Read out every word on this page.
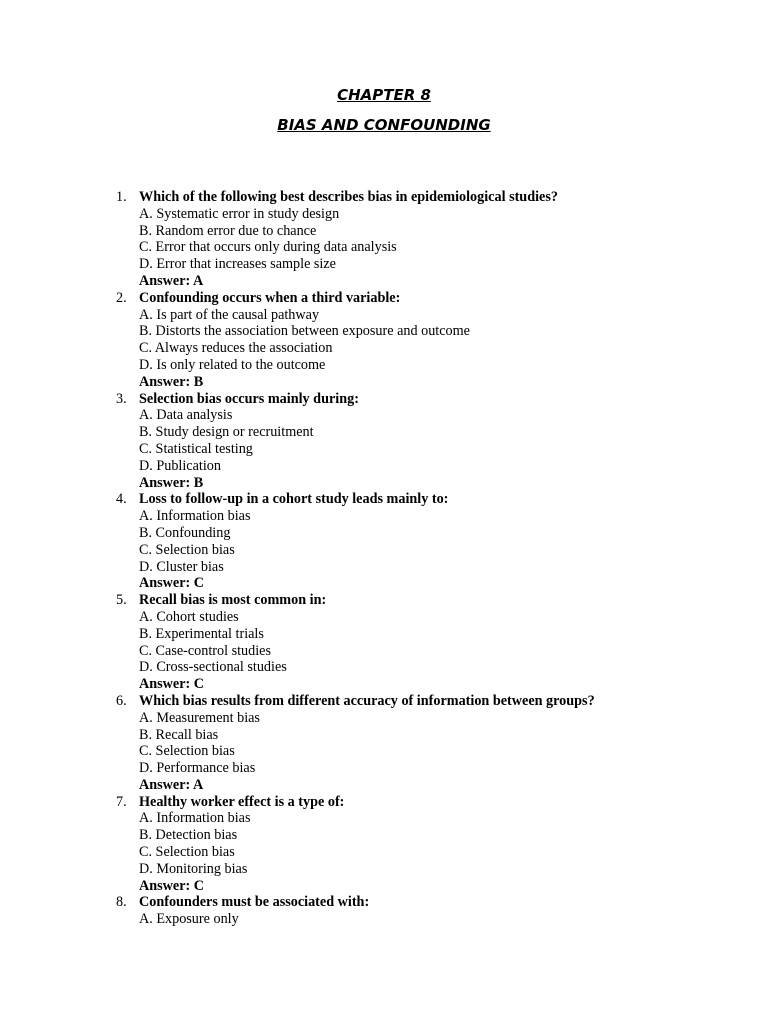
CHAPTER 8
BIAS AND CONFOUNDING
1. Which of the following best describes bias in epidemiological studies?
A. Systematic error in study design
B. Random error due to chance
C. Error that occurs only during data analysis
D. Error that increases sample size
Answer: A
2. Confounding occurs when a third variable:
A. Is part of the causal pathway
B. Distorts the association between exposure and outcome
C. Always reduces the association
D. Is only related to the outcome
Answer: B
3. Selection bias occurs mainly during:
A. Data analysis
B. Study design or recruitment
C. Statistical testing
D. Publication
Answer: B
4. Loss to follow-up in a cohort study leads mainly to:
A. Information bias
B. Confounding
C. Selection bias
D. Cluster bias
Answer: C
5. Recall bias is most common in:
A. Cohort studies
B. Experimental trials
C. Case-control studies
D. Cross-sectional studies
Answer: C
6. Which bias results from different accuracy of information between groups?
A. Measurement bias
B. Recall bias
C. Selection bias
D. Performance bias
Answer: A
7. Healthy worker effect is a type of:
A. Information bias
B. Detection bias
C. Selection bias
D. Monitoring bias
Answer: C
8. Confounders must be associated with:
A. Exposure only
